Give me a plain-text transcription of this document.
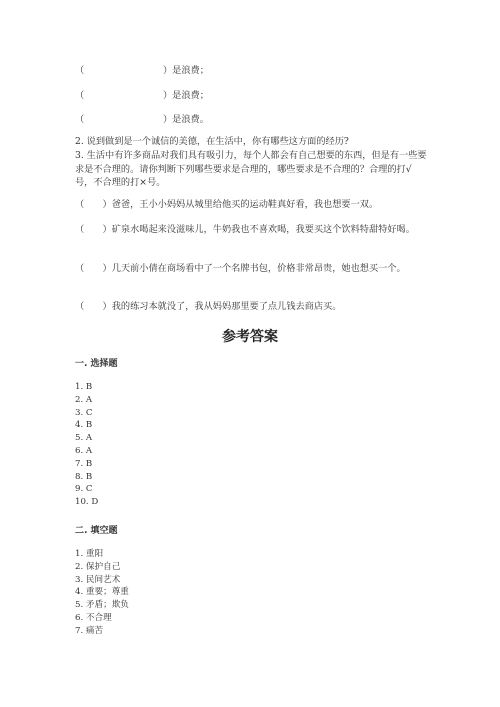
（	）是浪费；
（	）是浪费；
（	）是浪费。

2. 说到做到是一个诚信的美德，在生活中，你有哪些这方面的经历?

3. 生活中有许多商品对我们具有吸引力，每个人都会有自己想要的东西，但是有一些要求是不合理的。请你判断下列哪些要求是合理的，哪些要求是不合理的？合理的打√号，不合理的打×号。

（　　）爸爸，王小小妈妈从城里给他买的运动鞋真好看，我也想要一双。

（　　）矿泉水喝起来没滋味儿，牛奶我也不喜欢喝，我要买这个饮料特甜特好喝。

（　　）几天前小倩在商场看中了一个名牌书包，价格非常昂贵，她也想买一个。

（　　）我的练习本就没了，我从妈妈那里要了点儿钱去商店买。

参考答案
一. 选择题
1. B
2. A
3. C
4. B
5. A
6. A
7. B
8. B
9. C
10. D
二. 填空题
1. 重阳
2. 保护自己
3. 民间艺术
4. 重要；尊重
5. 矛盾；欺负
6. 不合理
7. 痛苦
